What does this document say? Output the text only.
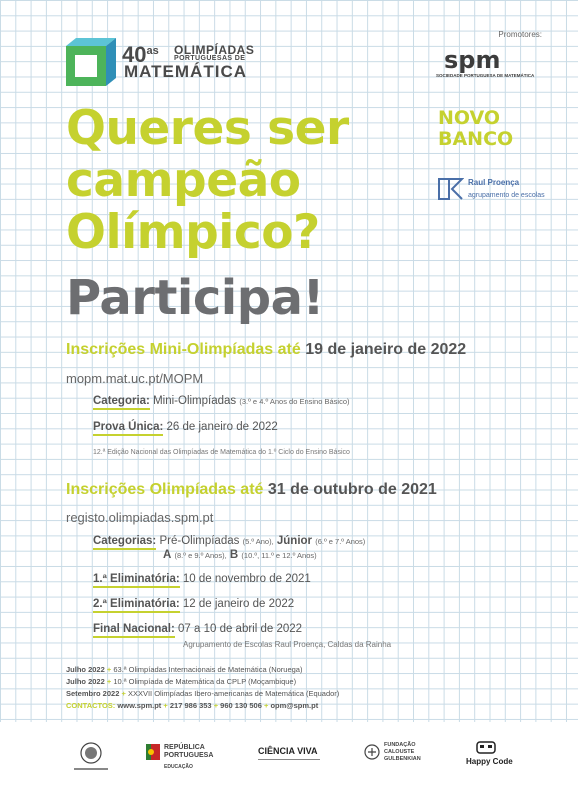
$40^{as}$ OLIMPÍADAS
PORTUGUESAS DE
MATEMÁTICA
Queres ser
campeão
Olímpico?
Participa!
Promotores:
spm
SOCIEDADE PORTUGUESA DE MATEMÁTICA
NOVO
BANCO
Raul Proença
agrupamento de escolas
Inscrições Mini-Olimpíadas até 19 de janeiro de 2022
mopm.mat.uc.pt/MOPM
Categoria: Mini-Olimpíadas (3.º e 4.º Anos do Ensino Básico)
Prova Única: 26 de janeiro de 2022
12.ª Edição Nacional das Olimpíadas de Matemática do 1.º Ciclo do Ensino Básico
Inscrições Olimpíadas até 31 de outubro de 2021
registo.olimpiadas.spm.pt
Categorias: Pré-Olimpíadas (5.º Ano), Júnior (6.º e 7.º Anos)
A (8.º e 9.º Anos), B (10.º, 11.º e 12.º Anos)
1.ª Eliminatória: 10 de novembro de 2021
2.ª Eliminatória: 12 de janeiro de 2022
Final Nacional: 07 a 10 de abril de 2022
Agrupamento de Escolas Raul Proença, Caldas da Rainha
Julho 2022 + 63.ª Olimpíadas Internacionais de Matemática (Noruega)
Julho 2022 + 10.ª Olimpíada de Matemática da CPLP (Moçambique)
Setembro 2022 + XXXVII Olimpíadas Ibero-americanas de Matemática (Equador)
CONTACTOS: www.spm.pt + 217 986 353 + 960 130 506 + opm@spm.pt
REPÚBLICA
PORTUGUESA
EDUCAÇÃO
CIÊNCIA VIVA
FUNDAÇÃO
CALOUSTE
GULBENKIAN	Happy Code
